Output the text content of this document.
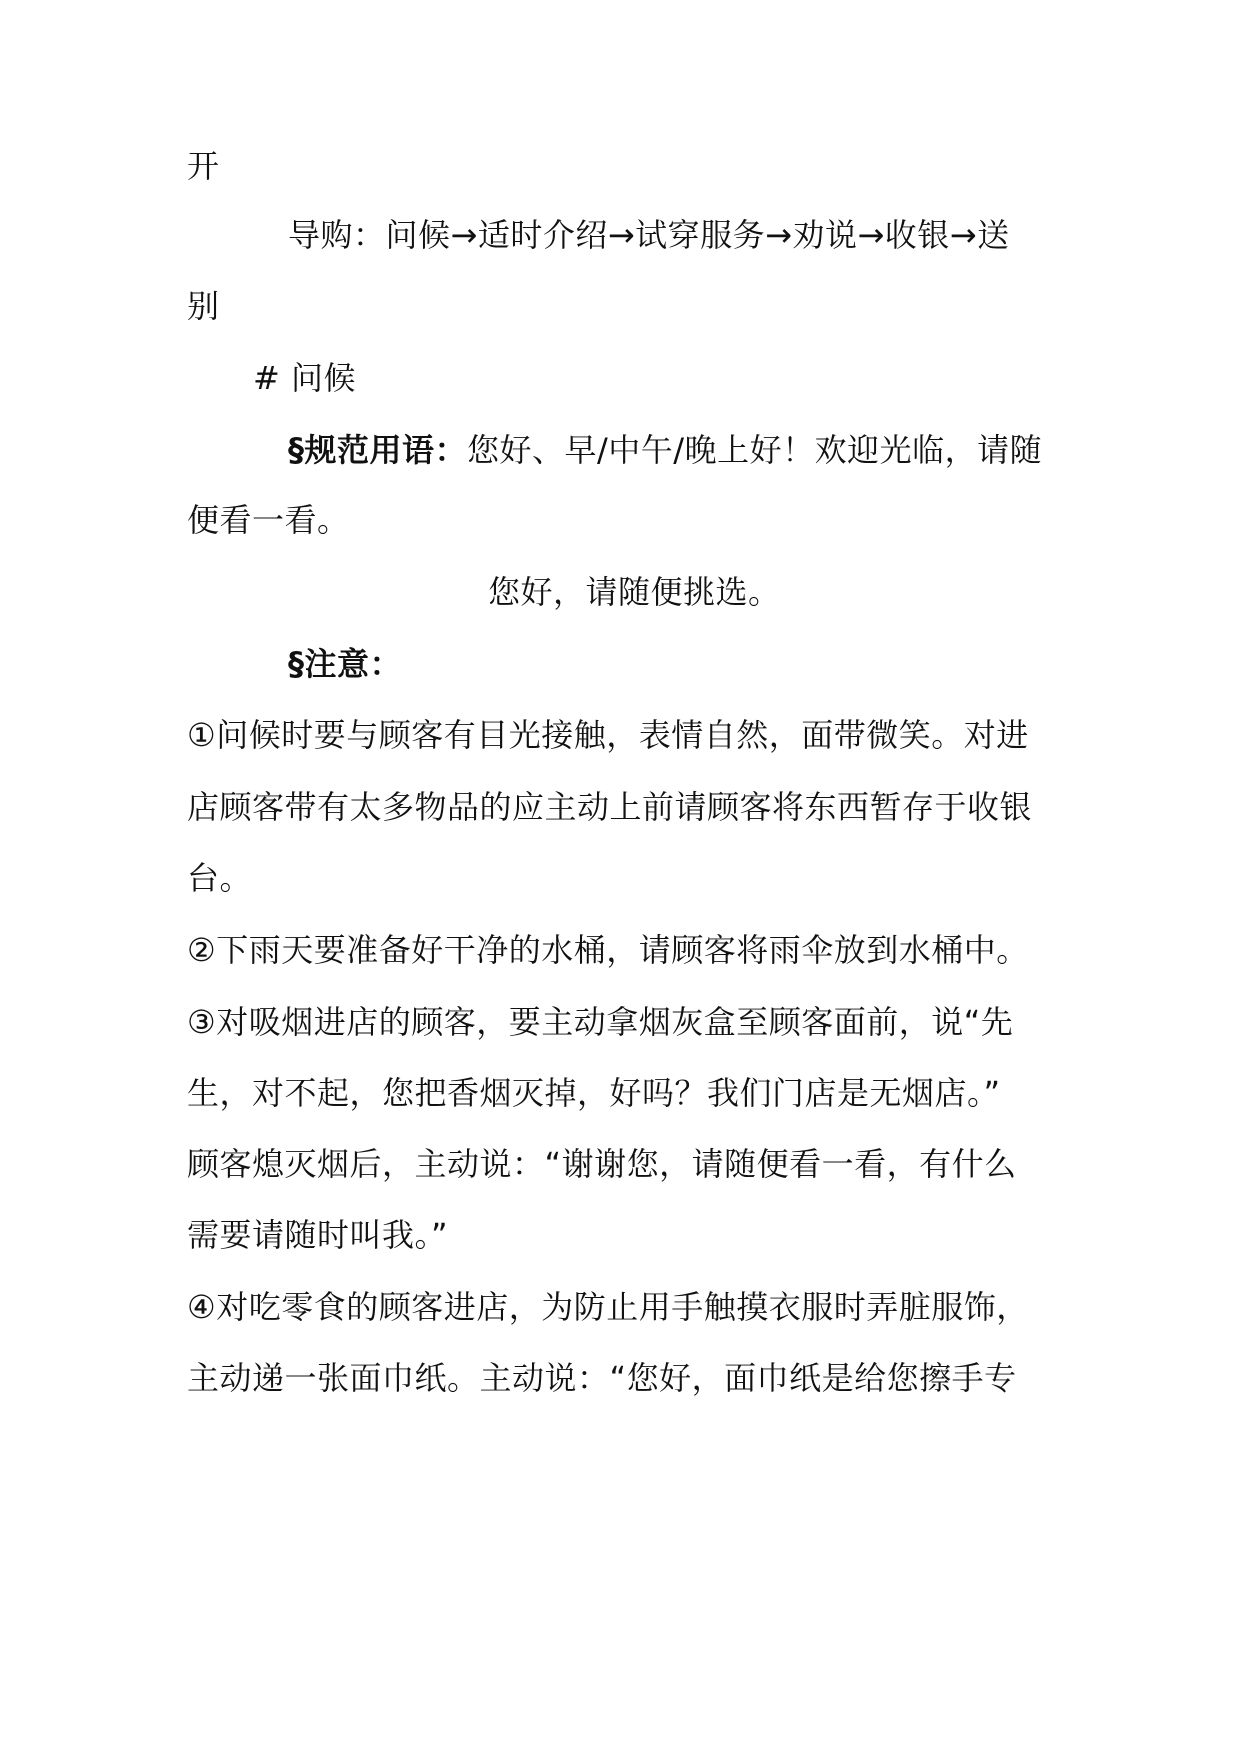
开
导购：问候→适时介绍→试穿服务→劝说→收银→送
别
# 问候
§规范用语：您好、早/中午/晚上好！欢迎光临，请随
便看一看。
您好，请随便挑选。
§注意：
①问候时要与顾客有目光接触，表情自然，面带微笑。对进
店顾客带有太多物品的应主动上前请顾客将东西暂存于收银
台。
②下雨天要准备好干净的水桶，请顾客将雨伞放到水桶中。
③对吸烟进店的顾客，要主动拿烟灰盒至顾客面前，说“先
生，对不起，您把香烟灭掉，好吗？我们门店是无烟店。”
顾客熄灭烟后，主动说：“谢谢您，请随便看一看，有什么
需要请随时叫我。”
④对吃零食的顾客进店，为防止用手触摸衣服时弄脏服饰，
主动递一张面巾纸。主动说：“您好，面巾纸是给您擦手专
